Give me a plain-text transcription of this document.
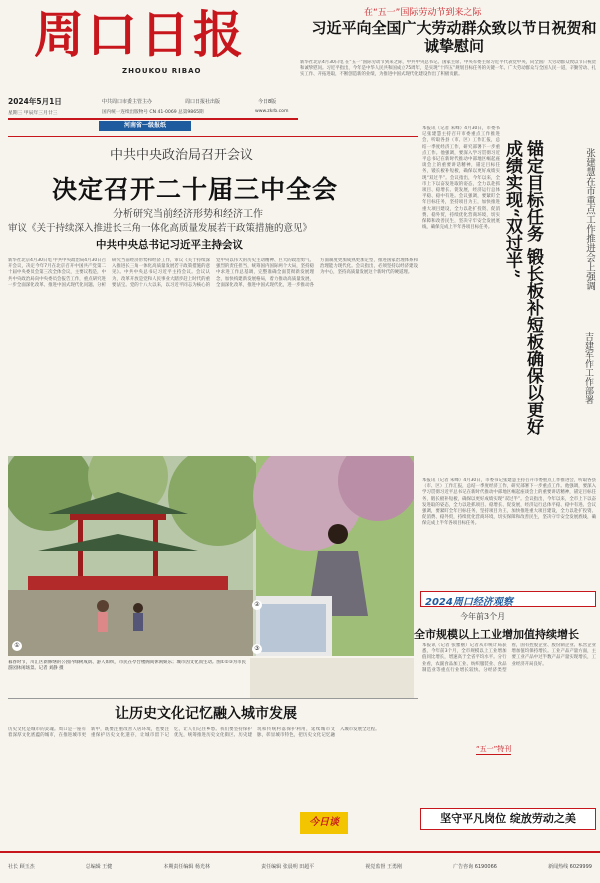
周口日报
ZHOUKOU RIBAO
2024年5月1日
星期三 甲辰年三月廿三
中共周口市委主管主办	周口日报社出版	今日8版
国内统一连续出版物号 CN 41-0069 总第9865期	www.zkrb.com
河南省一级报纸
在“五一”国际劳动节到来之际
习近平向全国广大劳动群众致以节日祝贺和诚挚慰问
新华社北京4月30日电 在“五一”国际劳动节到来之际，中共中央总书记、国家主席、中央军委主席习近平代表党中央，向全国广大劳动群众致以节日祝贺和诚挚慰问。习近平指出，今年是中华人民共和国成立75周年，是实现“十四五”规划目标任务的关键一年。广大劳动群众与全国人民一道，辛勤劳动、扎实工作、开拓进取，不断创造新的业绩，为推进中国式现代化建设作出了积极贡献。
中共中央政治局召开会议
决定召开二十届三中全会
分析研究当前经济形势和经济工作
审议《关于持续深入推进长三角一体化高质量发展若干政策措施的意见》
中共中央总书记习近平主持会议
新华社北京4月30日电 中共中央政治局4月30日召开会议，决定今年7月在北京召开中国共产党第二十届中央委员会第三次全体会议，主要议程是，中共中央政治局向中央委员会报告工作，重点研究进一步全面深化改革、推进中国式现代化问题。分析研究当前经济形势和经济工作，审议《关于持续深入推进长三角一体化高质量发展若干政策措施的意见》。中共中央总书记习近平主持会议。会议认为，改革开放是党和人民事业大踏步赶上时代的重要法宝。党的十八大以来，以习近平同志为核心的党中央以伟大的历史主动精神、巨大的政治勇气、强烈的责任担当，统筹国内国际两个大局，坚持稳中求进工作总基调，完整准确全面贯彻新发展理念，加快构建新发展格局，着力推动高质量发展，全面深化改革，推进中国式现代化，进一步推动各方面制度更加成熟更加定型，推进国家治理体系和治理能力现代化。会议指出，必须坚持以经济建设为中心，坚持高质量发展这个新时代的硬道理。
本报讯（记者 朱峰）4月30日，市委书记张建慧主持召开市委重点工作推进会，听取各县（市、区）工作汇报，总结一季度经济工作，研究部署下一步重点工作。他强调，要深入学习贯彻习近平总书记在新时代推动中部地区崛起座谈会上的重要讲话精神，锚定目标任务，锻长板补短板，确保以更好成绩实现“双过半”。会议指出，今年以来，全市上下以奋发进取的姿态，全力以赴抓项目、稳增长、促发展，经济运行总体平稳、稳中有进。会议强调，要紧盯全年目标任务，坚持项目为王，加快推进重大项目建设，全力以赴扩投资、促消费、稳外贸，持续优化营商环境，切实保障和改善民生，坚决守牢安全发展底线，确保完成上半年各项目标任务。	锚定目标任务 锻长板补短板确保以更好成绩实现“双过半”	张建慧在市重点工作推进会上强调
吉建军作工作部署
本报讯（记者 朱峰）4月30日，市委书记张建慧主持召开市委重点工作推进会，听取各县（市、区）工作汇报，总结一季度经济工作，研究部署下一步重点工作。他强调，要深入学习贯彻习近平总书记在新时代推动中部地区崛起座谈会上的重要讲话精神，锚定目标任务，锻长板补短板，确保以更好成绩实现“双过半”。会议指出，今年以来，全市上下以奋发进取的姿态，全力以赴抓项目、稳增长、促发展，经济运行总体平稳、稳中有进。会议强调，要紧盯全年目标任务，坚持项目为王，加快推进重大项目建设，全力以赴扩投资、促消费、稳外贸，持续优化营商环境，切实保障和改善民生，坚决守牢安全发展底线，确保完成上半年各项目标任务。
2024周口经济观察
今年前3个月
全市规模以上工业增加值持续增长
本报讯（记者 张雅丽）记者从市统计局获悉，今年前3个月，全市规模以上工业增加值同比增长，增速高于全省平均水平。分行业看，农副食品加工业、纺织服装业、食品制造业等重点行业增长较快。分经济类型看，国有控股企业、股份制企业、私营企业增加值均保持增长。工业产品产量方面，主要工业产品中过半数产品产量实现增长，工业经济开局良好。
“五一”特刊
坚守平凡岗位 绽放劳动之美
①
②
③
暮春时节，川汇区新修缮的公园内绿树成荫、游人如织，市民在亭台楼阁间休闲娱乐；城市因文化而生动。图①②③为市民游园休闲场景。记者 刘静 摄
让历史文化记忆融入城市发展
历史文化是城市的灵魂。周口是一座有着深厚文化底蕴的城市，在推进城市更新中，既要注重改善人居环境，也要注重保护历史文化遗存，让城市留下记忆，让人们记住乡愁。我们要坚持保护优先，统筹推进历史文化街区、历史建筑和传统村落保护利用，延续城市文脉，彰显城市特色，把历史文化记忆融入城市发展全过程。
今日谈
社长 顾玉杰	总编辑 王健	本期责任编辑 杨光林	责任编辑 张晨明 田超平	视觉监督 王勇刚	广告咨询 6190066	新闻热线 6029999
